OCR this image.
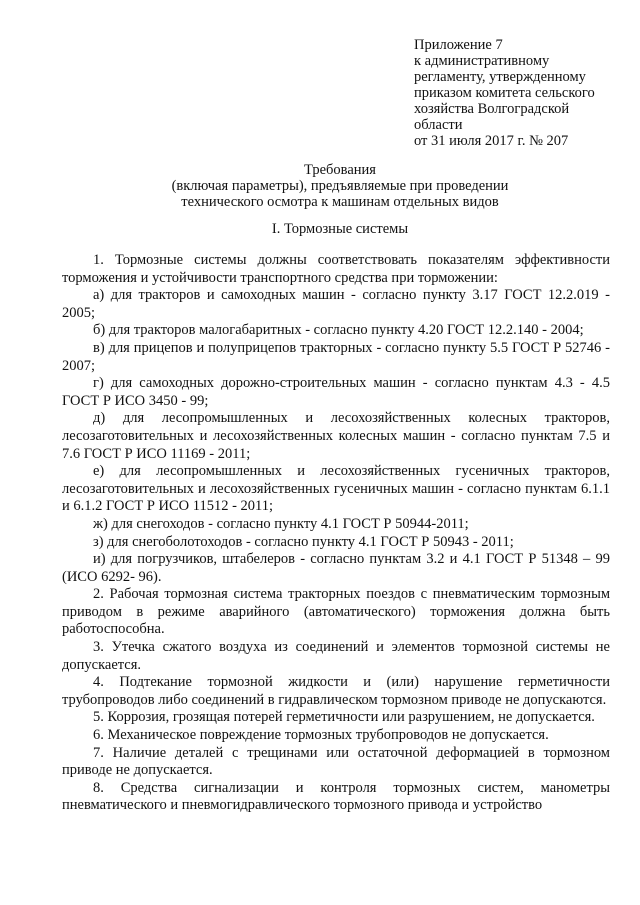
Приложение 7
к административному
регламенту, утвержденному
приказом комитета сельского
хозяйства Волгоградской
области
от 31 июля 2017 г. № 207
Требования
(включая параметры), предъявляемые при проведении
технического осмотра к машинам отдельных видов
I. Тормозные системы

1. Тормозные системы должны соответствовать показателям эффективности торможения и устойчивости транспортного средства при торможении:

а) для тракторов и самоходных машин - согласно пункту 3.17 ГОСТ 12.2.019 - 2005;

б) для тракторов малогабаритных - согласно пункту 4.20 ГОСТ 12.2.140 - 2004;

в) для прицепов и полуприцепов тракторных - согласно пункту 5.5 ГОСТ Р 52746 - 2007;

г) для самоходных дорожно-строительных машин - согласно пунктам 4.3 - 4.5 ГОСТ Р ИСО 3450 - 99;

д) для лесопромышленных и лесохозяйственных колесных тракторов, лесозаготовительных и лесохозяйственных колесных машин - согласно пунктам 7.5 и 7.6 ГОСТ Р ИСО 11169 - 2011;

е) для лесопромышленных и лесохозяйственных гусеничных тракторов, лесозаготовительных и лесохозяйственных гусеничных машин - согласно пунктам 6.1.1 и 6.1.2 ГОСТ Р ИСО 11512 - 2011;

ж) для снегоходов - согласно пункту 4.1 ГОСТ Р 50944-2011;

з) для снегоболотоходов - согласно пункту 4.1 ГОСТ Р 50943 - 2011;

и) для погрузчиков, штабелеров - согласно пунктам 3.2 и 4.1 ГОСТ Р 51348 – 99 (ИСО 6292- 96).

2. Рабочая тормозная система тракторных поездов с пневматическим тормозным приводом в режиме аварийного (автоматического) торможения должна быть работоспособна.

3. Утечка сжатого воздуха из соединений и элементов тормозной системы не допускается.

4. Подтекание тормозной жидкости и (или) нарушение герметичности трубопроводов либо соединений в гидравлическом тормозном приводе не допускаются.

5. Коррозия, грозящая потерей герметичности или разрушением, не допускается.

6. Механическое повреждение тормозных трубопроводов не допускается.

7. Наличие деталей с трещинами или остаточной деформацией в тормозном приводе не допускается.

8. Средства сигнализации и контроля тормозных систем, манометры пневматического и пневмогидравлического тормозного привода и устройство
